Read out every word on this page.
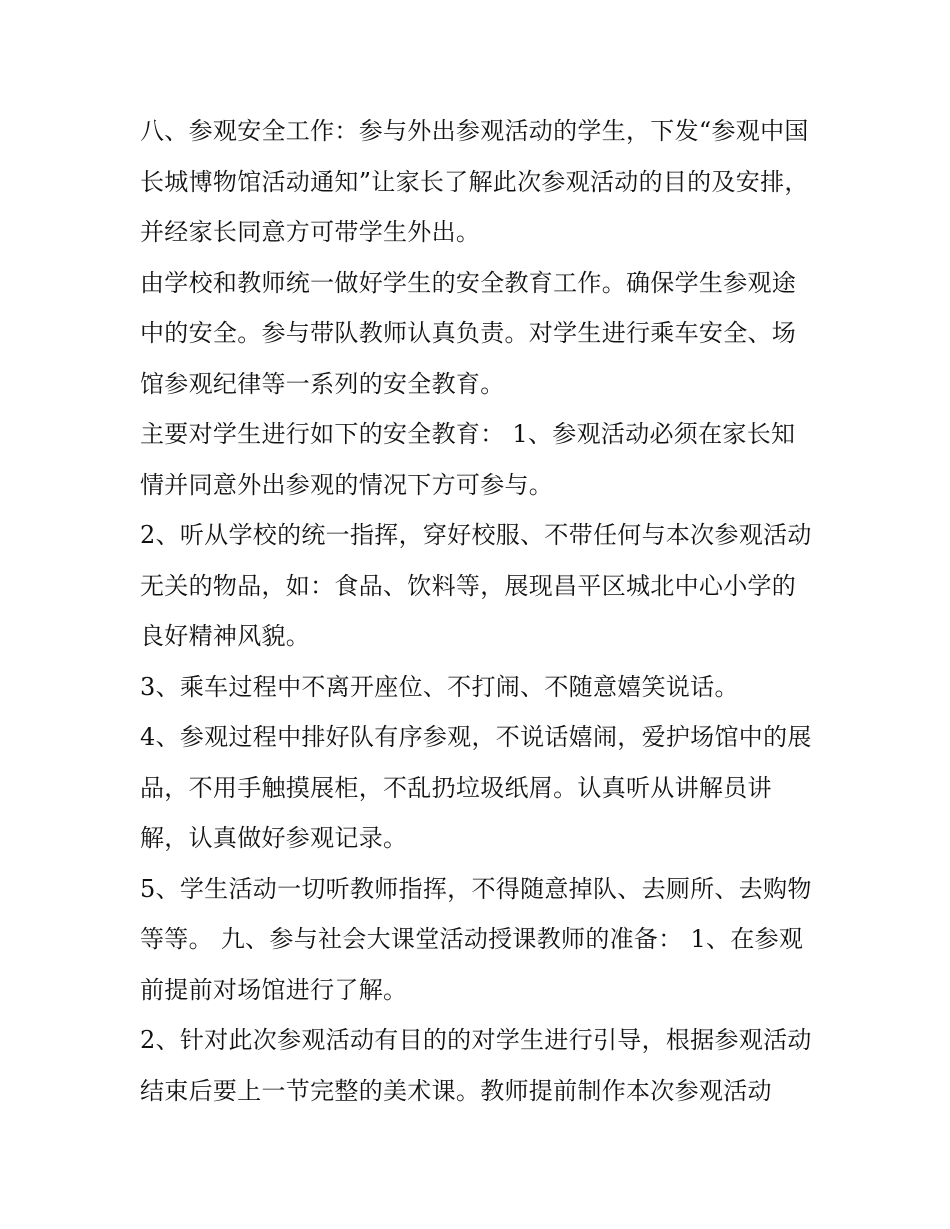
八、参观安全工作：参与外出参观活动的学生，下发“参观中国长城博物馆活动通知”让家长了解此次参观活动的目的及安排，并经家长同意方可带学生外出。

由学校和教师统一做好学生的安全教育工作。确保学生参观途中的安全。参与带队教师认真负责。对学生进行乘车安全、场馆参观纪律等一系列的安全教育。

主要对学生进行如下的安全教育： 1、参观活动必须在家长知情并同意外出参观的情况下方可参与。

2、听从学校的统一指挥，穿好校服、不带任何与本次参观活动无关的物品，如：食品、饮料等，展现昌平区城北中心小学的良好精神风貌。

3、乘车过程中不离开座位、不打闹、不随意嬉笑说话。

4、参观过程中排好队有序参观，不说话嬉闹，爱护场馆中的展品，不用手触摸展柜，不乱扔垃圾纸屑。认真听从讲解员讲解，认真做好参观记录。

5、学生活动一切听教师指挥，不得随意掉队、去厕所、去购物等等。 九、参与社会大课堂活动授课教师的准备： 1、在参观前提前对场馆进行了解。

2、针对此次参观活动有目的的对学生进行引导，根据参观活动结束后要上一节完整的美术课。教师提前制作本次参观活动
